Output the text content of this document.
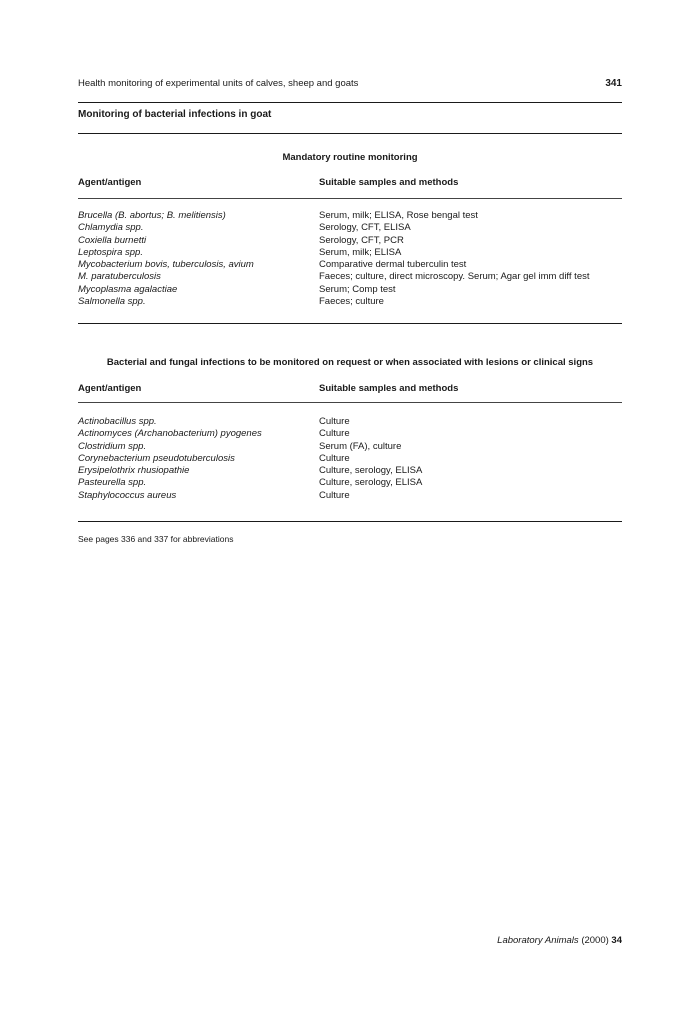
Health monitoring of experimental units of calves, sheep and goats	341
Monitoring of bacterial infections in goat
Mandatory routine monitoring
Agent/antigen	Suitable samples and methods
Brucella (B. abortus; B. melitiensis)	Serum, milk; ELISA, Rose bengal test
Chlamydia spp.	Serology, CFT, ELISA
Coxiella burnetti	Serology, CFT, PCR
Leptospira spp.	Serum, milk; ELISA
Mycobacterium bovis, tuberculosis, avium	Comparative dermal tuberculin test
M. paratuberculosis	Faeces; culture, direct microscopy. Serum; Agar gel imm diff test
Mycoplasma agalactiae	Serum; Comp test
Salmonella spp.	Faeces; culture
Bacterial and fungal infections to be monitored on request or when associated with lesions or clinical signs
Agent/antigen	Suitable samples and methods
Actinobacillus spp.	Culture
Actinomyces (Archanobacterium) pyogenes	Culture
Clostridium spp.	Serum (FA), culture
Corynebacterium pseudotuberculosis	Culture
Erysipelothrix rhusiopathie	Culture, serology, ELISA
Pasteurella spp.	Culture, serology, ELISA
Staphylococcus aureus	Culture
See pages 336 and 337 for abbreviations
Laboratory Animals (2000) 34
